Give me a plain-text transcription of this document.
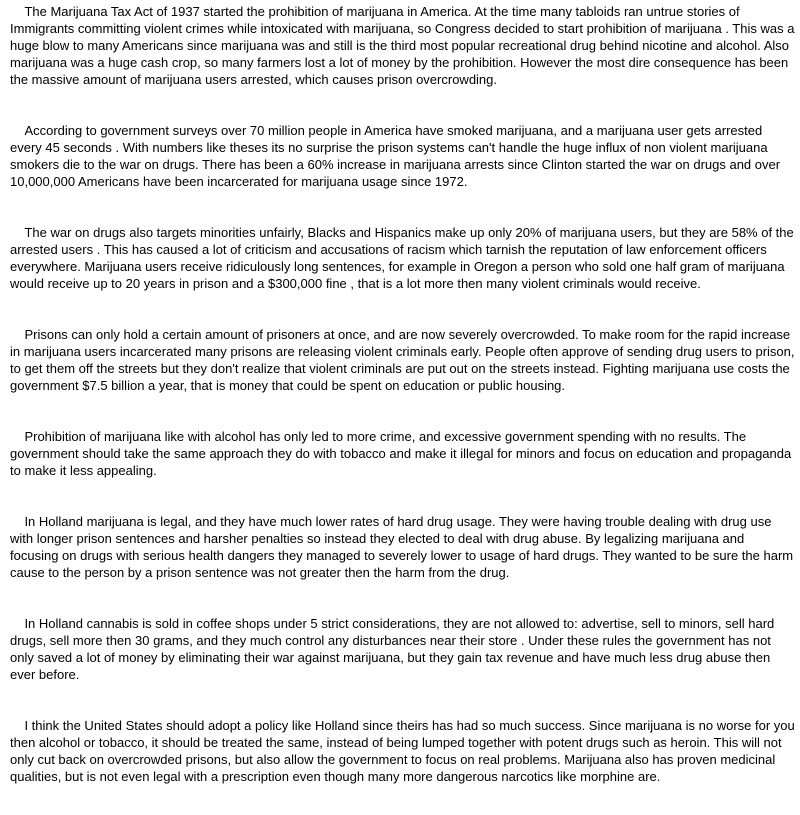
The Marijuana Tax Act of 1937 started the prohibition of marijuana in America. At the time many tabloids ran untrue stories of Immigrants committing violent crimes while intoxicated with marijuana, so Congress decided to start prohibition of marijuana . This was a huge blow to many Americans since marijuana was and still is the third most popular recreational drug behind nicotine and alcohol. Also marijuana was a huge cash crop, so many farmers lost a lot of money by the prohibition. However the most dire consequence has been the massive amount of marijuana users arrested, which causes prison overcrowding.

According to government surveys over 70 million people in America have smoked marijuana, and a marijuana user gets arrested every 45 seconds . With numbers like theses its no surprise the prison systems can't handle the huge influx of non violent marijuana smokers die to the war on drugs. There has been a 60% increase in marijuana arrests since Clinton started the war on drugs and over 10,000,000 Americans have been incarcerated for marijuana usage since 1972.

The war on drugs also targets minorities unfairly, Blacks and Hispanics make up only 20% of marijuana users, but they are 58% of the arrested users . This has caused a lot of criticism and accusations of racism which tarnish the reputation of law enforcement officers everywhere. Marijuana users receive ridiculously long sentences, for example in Oregon a person who sold one half gram of marijuana would receive up to 20 years in prison and a $300,000 fine , that is a lot more then many violent criminals would receive.

Prisons can only hold a certain amount of prisoners at once, and are now severely overcrowded. To make room for the rapid increase in marijuana users incarcerated many prisons are releasing violent criminals early. People often approve of sending drug users to prison, to get them off the streets but they don't realize that violent criminals are put out on the streets instead. Fighting marijuana use costs the government $7.5 billion a year, that is money that could be spent on education or public housing.

Prohibition of marijuana like with alcohol has only led to more crime, and excessive government spending with no results. The government should take the same approach they do with tobacco and make it illegal for minors and focus on education and propaganda to make it less appealing.

In Holland marijuana is legal, and they have much lower rates of hard drug usage. They were having trouble dealing with drug use with longer prison sentences and harsher penalties so instead they elected to deal with drug abuse. By legalizing marijuana and focusing on drugs with serious health dangers they managed to severely lower to usage of hard drugs. They wanted to be sure the harm cause to the person by a prison sentence was not greater then the harm from the drug.

In Holland cannabis is sold in coffee shops under 5 strict considerations, they are not allowed to: advertise, sell to minors, sell hard drugs, sell more then 30 grams, and they much control any disturbances near their store . Under these rules the government has not only saved a lot of money by eliminating their war against marijuana, but they gain tax revenue and have much less drug abuse then ever before.

I think the United States should adopt a policy like Holland since theirs has had so much success. Since marijuana is no worse for you then alcohol or tobacco, it should be treated the same, instead of being lumped together with potent drugs such as heroin. This will not only cut back on overcrowded prisons, but also allow the government to focus on real problems. Marijuana also has proven medicinal qualities, but is not even legal with a prescription even though many more dangerous narcotics like morphine are.
